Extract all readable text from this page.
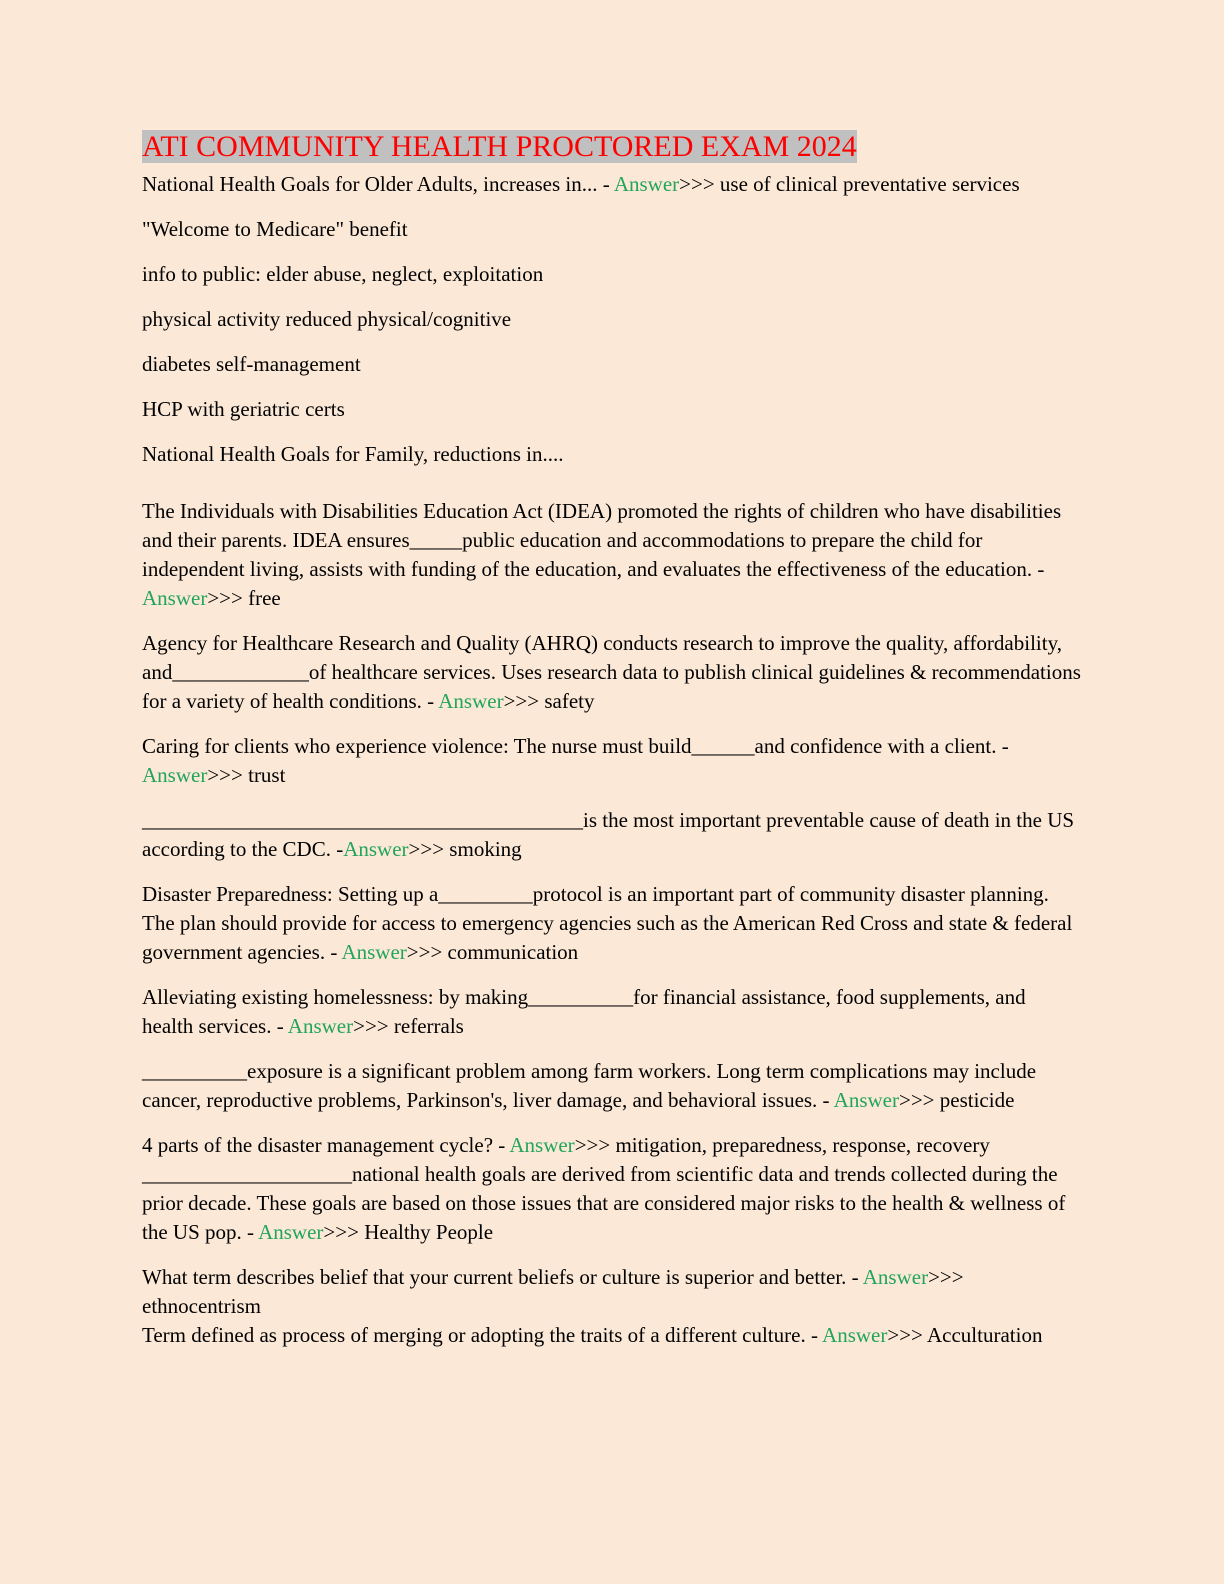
ATI COMMUNITY HEALTH PROCTORED EXAM 2024

National Health Goals for Older Adults, increases in... - Answer>>> use of clinical preventative services

"Welcome to Medicare" benefit

info to public: elder abuse, neglect, exploitation

physical activity reduced physical/cognitive

diabetes self-management

HCP with geriatric certs

National Health Goals for Family, reductions in....

The Individuals with Disabilities Education Act (IDEA) promoted the rights of children who have disabilities and their parents. IDEA ensures_____public education and accommodations to prepare the child for independent living, assists with funding of the education, and evaluates the effectiveness of the education. - Answer>>> free

Agency for Healthcare Research and Quality (AHRQ) conducts research to improve the quality, affordability, and_____________of healthcare services. Uses research data to publish clinical guidelines & recommendations for a variety of health conditions. - Answer>>> safety

Caring for clients who experience violence: The nurse must build______and confidence with a client. - Answer>>> trust

__________________________________________is the most important preventable cause of death in the US according to the CDC. -Answer>>> smoking

Disaster Preparedness: Setting up a_________protocol is an important part of community disaster planning. The plan should provide for access to emergency agencies such as the American Red Cross and state & federal government agencies. - Answer>>> communication

Alleviating existing homelessness: by making__________for financial assistance, food supplements, and health services. - Answer>>> referrals

__________exposure is a significant problem among farm workers. Long term complications may include cancer, reproductive problems, Parkinson's, liver damage, and behavioral issues. - Answer>>> pesticide

4 parts of the disaster management cycle? - Answer>>> mitigation, preparedness, response, recovery

____________________national health goals are derived from scientific data and trends collected during the prior decade. These goals are based on those issues that are considered major risks to the health & wellness of the US pop. - Answer>>> Healthy People

What term describes belief that your current beliefs or culture is superior and better. - Answer>>> ethnocentrism

Term defined as process of merging or adopting the traits of a different culture. - Answer>>> Acculturation
